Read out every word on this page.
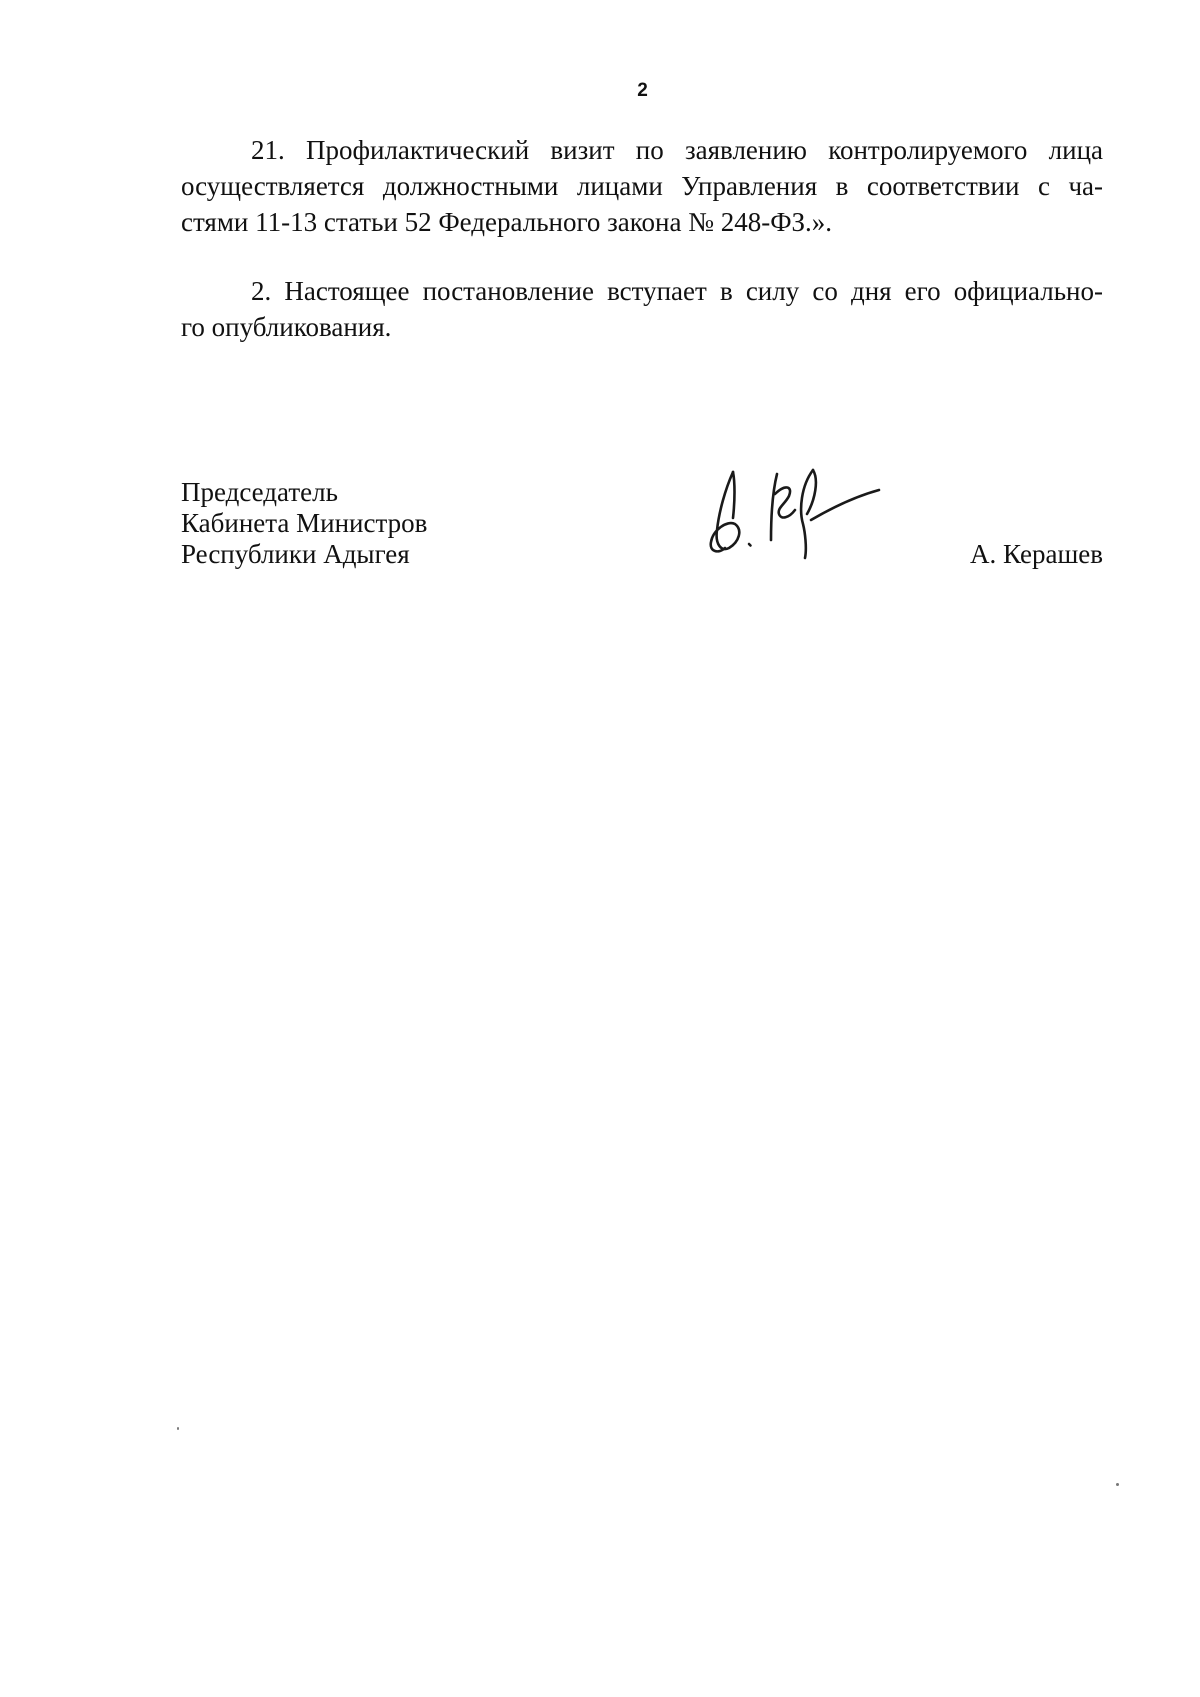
2

21. Профилактический визит по заявлению контролируемого лица
осуществляется должностными лицами Управления в соответствии с ча-
стями 11-13 статьи 52 Федерального закона № 248-ФЗ.».

2. Настоящее постановление вступает в силу со дня его официально-
го опубликования.

Председатель
Кабинета Министров
Республики Адыгея	А. Керашев
